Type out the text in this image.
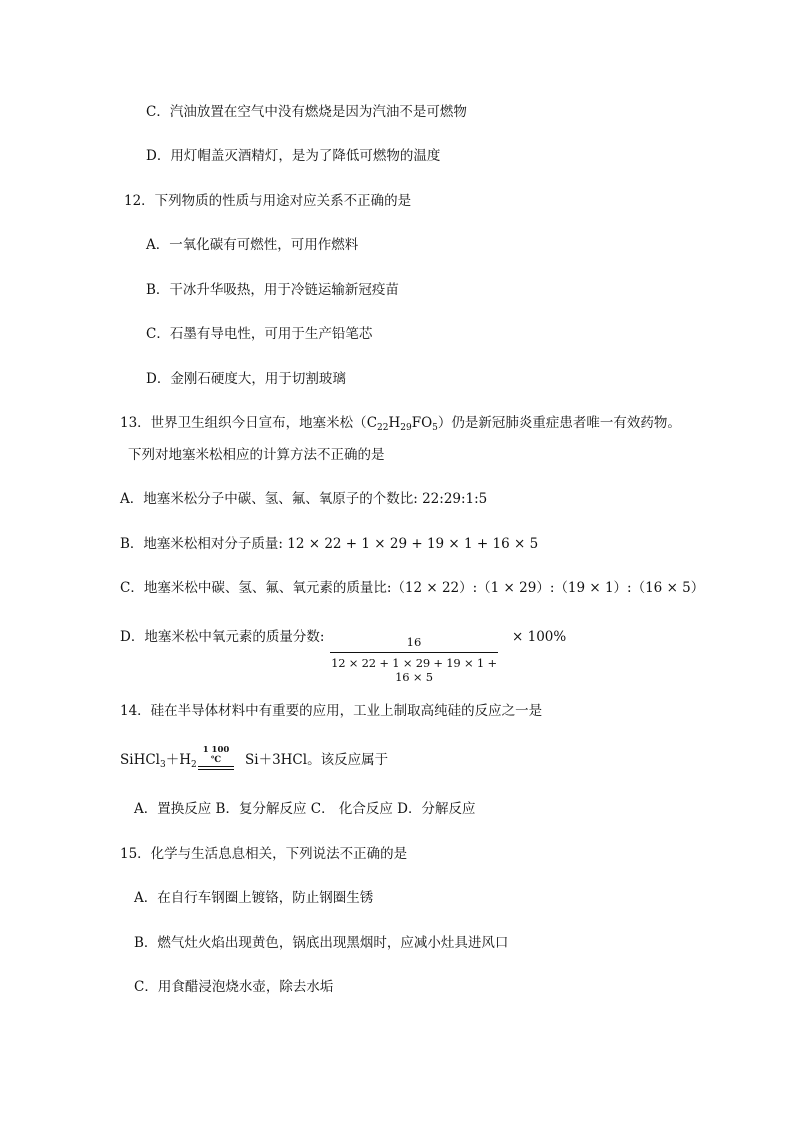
C．汽油放置在空气中没有燃烧是因为汽油不是可燃物
D．用灯帽盖灭酒精灯，是为了降低可燃物的温度
12．下列物质的性质与用途对应关系不正确的是
A．一氧化碳有可燃性，可用作燃料
B．干冰升华吸热，用于冷链运输新冠疫苗
C．石墨有导电性，可用于生产铅笔芯
D．金刚石硬度大，用于切割玻璃
13．世界卫生组织今日宣布，地塞米松$(C_{22}H_{29}FO_5)$仍是新冠肺炎重症患者唯一有效药物。
下列对地塞米松相应的计算方法不正确的是
A．地塞米松分子中碳、氢、氟、氧原子的个数比: 22:29:1:5
B．地塞米松相对分子质量: 12 × 22 + 1 × 29 + 19 × 1 + 16 × 5
C．地塞米松中碳、氢、氟、氧元素的质量比:（12 × 22）:（1 × 29）:（19 × 1）:（16 × 5）
D．地塞米松中氧元素的质量分数:	16
12 × 22 + 1 × 29 + 19 × 1 + 16 × 5
× 100%
14．硅在半导体材料中有重要的应用，工业上制取高纯硅的反应之一是
$SiHCl_3+H_2$
1 100 ℃	Si＋3HCl。该反应属于
A．置换反应 B．复分解反应 C． 化合反应 D．分解反应
15．化学与生活息息相关，下列说法不正确的是
A．在自行车钢圈上镀铬，防止钢圈生锈
B．燃气灶火焰出现黄色，锅底出现黑烟时，应减小灶具进风口
C．用食醋浸泡烧水壶，除去水垢
